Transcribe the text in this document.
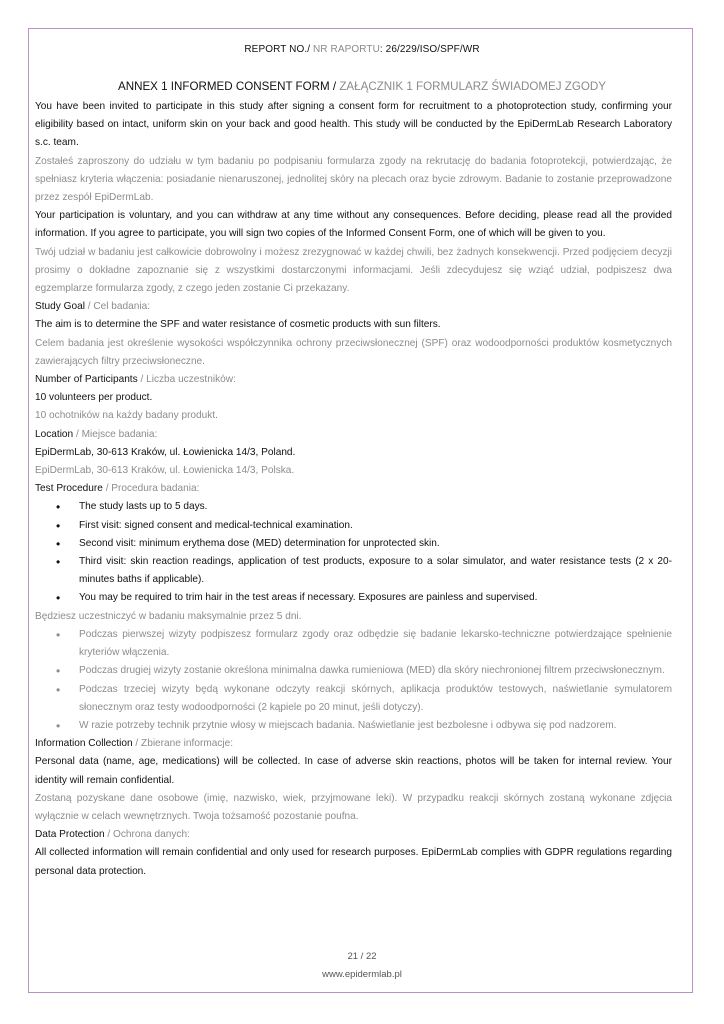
REPORT NO./ NR RAPORTU: 26/229/ISO/SPF/WR
ANNEX 1 INFORMED CONSENT FORM / ZAŁĄCZNIK 1 FORMULARZ ŚWIADOMEJ ZGODY

You have been invited to participate in this study after signing a consent form for recruitment to a photoprotection study, confirming your eligibility based on intact, uniform skin on your back and good health. This study will be conducted by the EpiDermLab Research Laboratory s.c. team.

Zostałeś zaproszony do udziału w tym badaniu po podpisaniu formularza zgody na rekrutację do badania fotoprotekcji, potwierdzając, że spełniasz kryteria włączenia: posiadanie nienaruszonej, jednolitej skóry na plecach oraz bycie zdrowym. Badanie to zostanie przeprowadzone przez zespół EpiDermLab.

Your participation is voluntary, and you can withdraw at any time without any consequences. Before deciding, please read all the provided information. If you agree to participate, you will sign two copies of the Informed Consent Form, one of which will be given to you.

Twój udział w badaniu jest całkowicie dobrowolny i możesz zrezygnować w każdej chwili, bez żadnych konsekwencji. Przed podjęciem decyzji prosimy o dokładne zapoznanie się z wszystkimi dostarczonymi informacjami. Jeśli zdecydujesz się wziąć udział, podpiszesz dwa egzemplarze formularza zgody, z czego jeden zostanie Ci przekazany.

Study Goal / Cel badania:

The aim is to determine the SPF and water resistance of cosmetic products with sun filters.

Celem badania jest określenie wysokości współczynnika ochrony przeciwsłonecznej (SPF) oraz wodoodporności produktów kosmetycznych zawierających filtry przeciwsłoneczne.

Number of Participants / Liczba uczestników:

10 volunteers per product.

10 ochotników na każdy badany produkt.

Location / Miejsce badania:

EpiDermLab, 30-613 Kraków, ul. Łowienicka 14/3, Poland.

EpiDermLab, 30-613 Kraków, ul. Łowienicka 14/3, Polska.

Test Procedure / Procedura badania:

• The study lasts up to 5 days.
• First visit: signed consent and medical-technical examination.
• Second visit: minimum erythema dose (MED) determination for unprotected skin.
• Third visit: skin reaction readings, application of test products, exposure to a solar simulator, and water resistance tests (2 x 20-minutes baths if applicable).
• You may be required to trim hair in the test areas if necessary. Exposures are painless and supervised.

Będziesz uczestniczyć w badaniu maksymalnie przez 5 dni.

• Podczas pierwszej wizyty podpiszesz formularz zgody oraz odbędzie się badanie lekarsko-techniczne potwierdzające spełnienie kryteriów włączenia.
• Podczas drugiej wizyty zostanie określona minimalna dawka rumieniowa (MED) dla skóry niechronionej filtrem przeciwsłonecznym.
• Podczas trzeciej wizyty będą wykonane odczyty reakcji skórnych, aplikacja produktów testowych, naświetlanie symulatorem słonecznym oraz testy wodoodporności (2 kąpiele po 20 minut, jeśli dotyczy).
• W razie potrzeby technik przytnie włosy w miejscach badania. Naświetlanie jest bezbolesne i odbywa się pod nadzorem.

Information Collection / Zbierane informacje:

Personal data (name, age, medications) will be collected. In case of adverse skin reactions, photos will be taken for internal review. Your identity will remain confidential.

Zostaną pozyskane dane osobowe (imię, nazwisko, wiek, przyjmowane leki). W przypadku reakcji skórnych zostaną wykonane zdjęcia wyłącznie w celach wewnętrznych. Twoja tożsamość pozostanie poufna.

Data Protection / Ochrona danych:

All collected information will remain confidential and only used for research purposes. EpiDermLab complies with GDPR regulations regarding personal data protection.

21 / 22
www.epidermlab.pl
